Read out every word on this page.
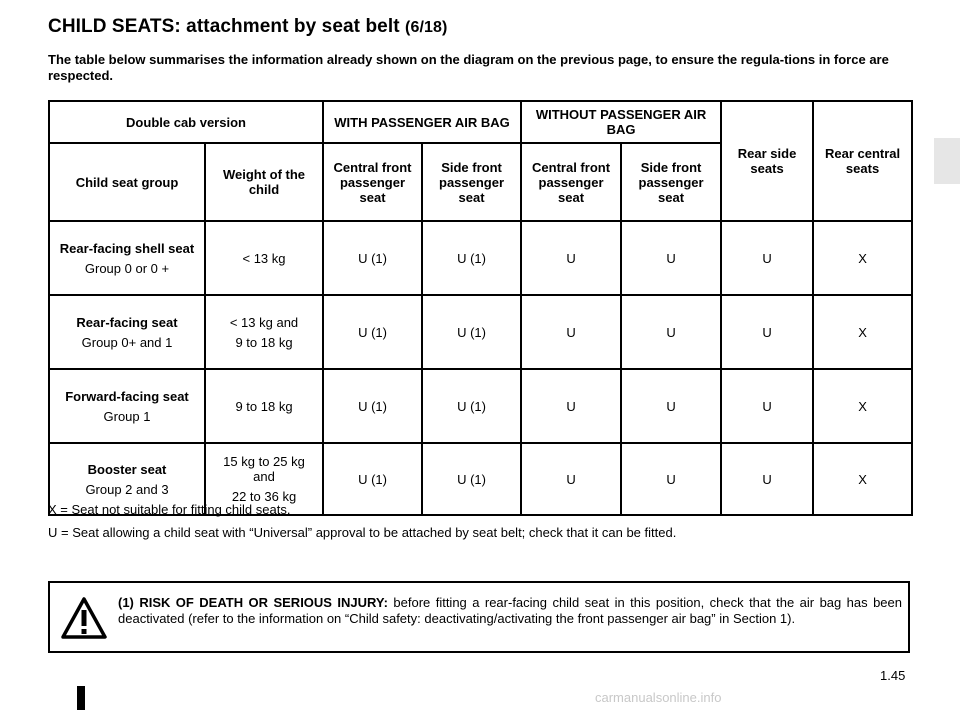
CHILD SEATS: attachment by seat belt (6/18)
The table below summarises the information already shown on the diagram on the previous page, to ensure the regula-tions in force are respected.
Double cab version		WITH PASSENGER AIR BAG		WITHOUT PASSENGER AIR BAG		Rear side seats	Rear central seats
Child seat group	Weight of the child	Central front passenger seat	Side front passenger seat	Central front passenger seat	Side front passenger seat		

Rear-facing shell seat
Group 0 or 0 +	< 13 kg	U (1)	U (1)	U	U	U	X

Rear-facing seat
Group 0+ and 1	< 13 kg and
9 to 18 kg	U (1)	U (1)	U	U	U	X

Forward-facing seat
Group 1	9 to 18 kg	U (1)	U (1)	U	U	U	X

Booster seat
Group 2 and 3	15 kg to 25 kg and
22 to 36 kg	U (1)	U (1)	U	U	U	X
X = Seat not suitable for fitting child seats.
U = Seat allowing a child seat with “Universal” approval to be attached by seat belt; check that it can be fitted.
(1) RISK OF DEATH OR SERIOUS INJURY: before fitting a rear-facing child seat in this position, check that the air bag has been deactivated (refer to the information on “Child safety: deactivating/activating the front passenger air bag” in Section 1).
1.45
carmanualsonline.info
